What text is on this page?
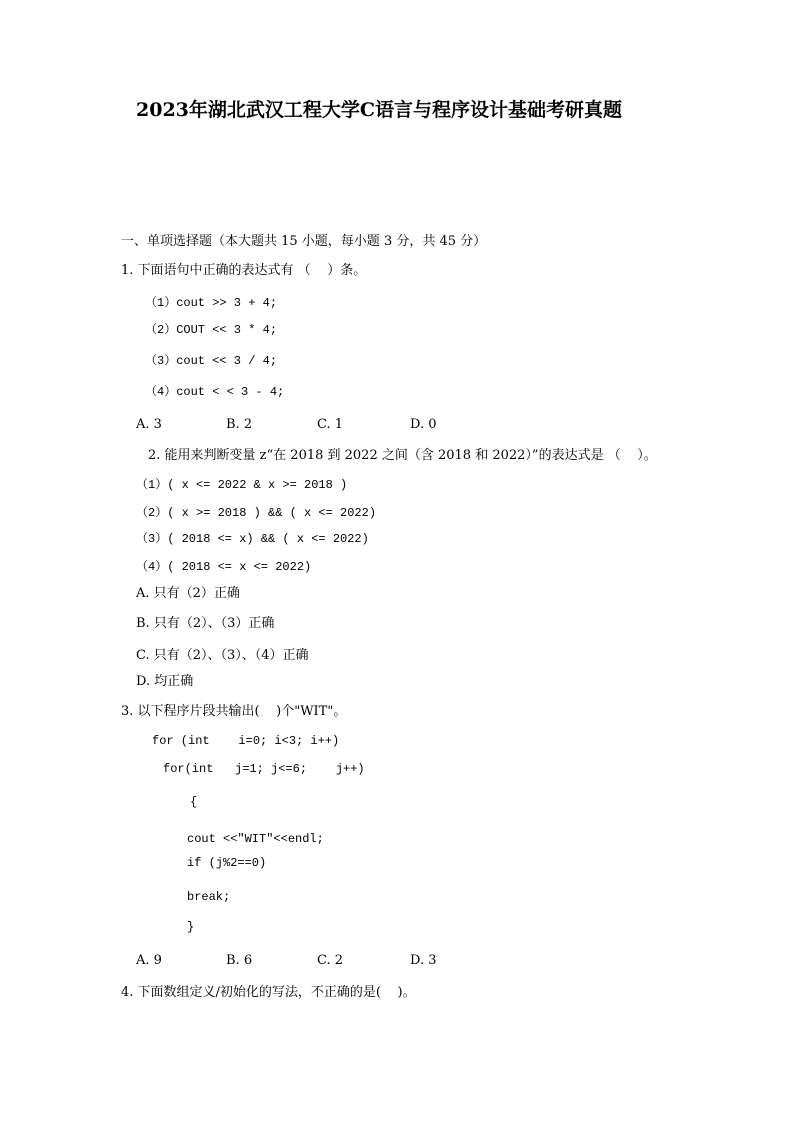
2023年湖北武汉工程大学C语言与程序设计基础考研真题
一、单项选择题（本大题共 15 小题，每小题 3 分，共 45 分）
1. 下面语句中正确的表达式有 （    ）条。
（1）cout >> 3 + 4;
（2）COUT << 3 * 4;
（3）cout << 3 / 4;
（4）cout < < 3 - 4;
A. 3	B. 2	C. 1	D. 0
2. 能用来判断变量 z“在 2018 到 2022 之间（含 2018 和 2022）”的表达式是 （    ）。
（1）( x <= 2022 & x >= 2018 )
（2）( x >= 2018 ) && ( x <= 2022)
（3）( 2018 <= x) && ( x <= 2022)
（4）( 2018 <= x <= 2022)
A. 只有（2）正确
B. 只有（2）、（3）正确
C. 只有（2）、（3）、（4）正确
D. 均正确
3. 以下程序片段共输出(    )个"WIT"。
for (int    i=0; i<3; i++)
for(int   j=1; j<=6;    j++)
{
cout <<"WIT"<<endl;
if (j%2==0)
break;
}
A. 9	B. 6	C. 2	D. 3
4. 下面数组定义/初始化的写法，不正确的是(    )。
